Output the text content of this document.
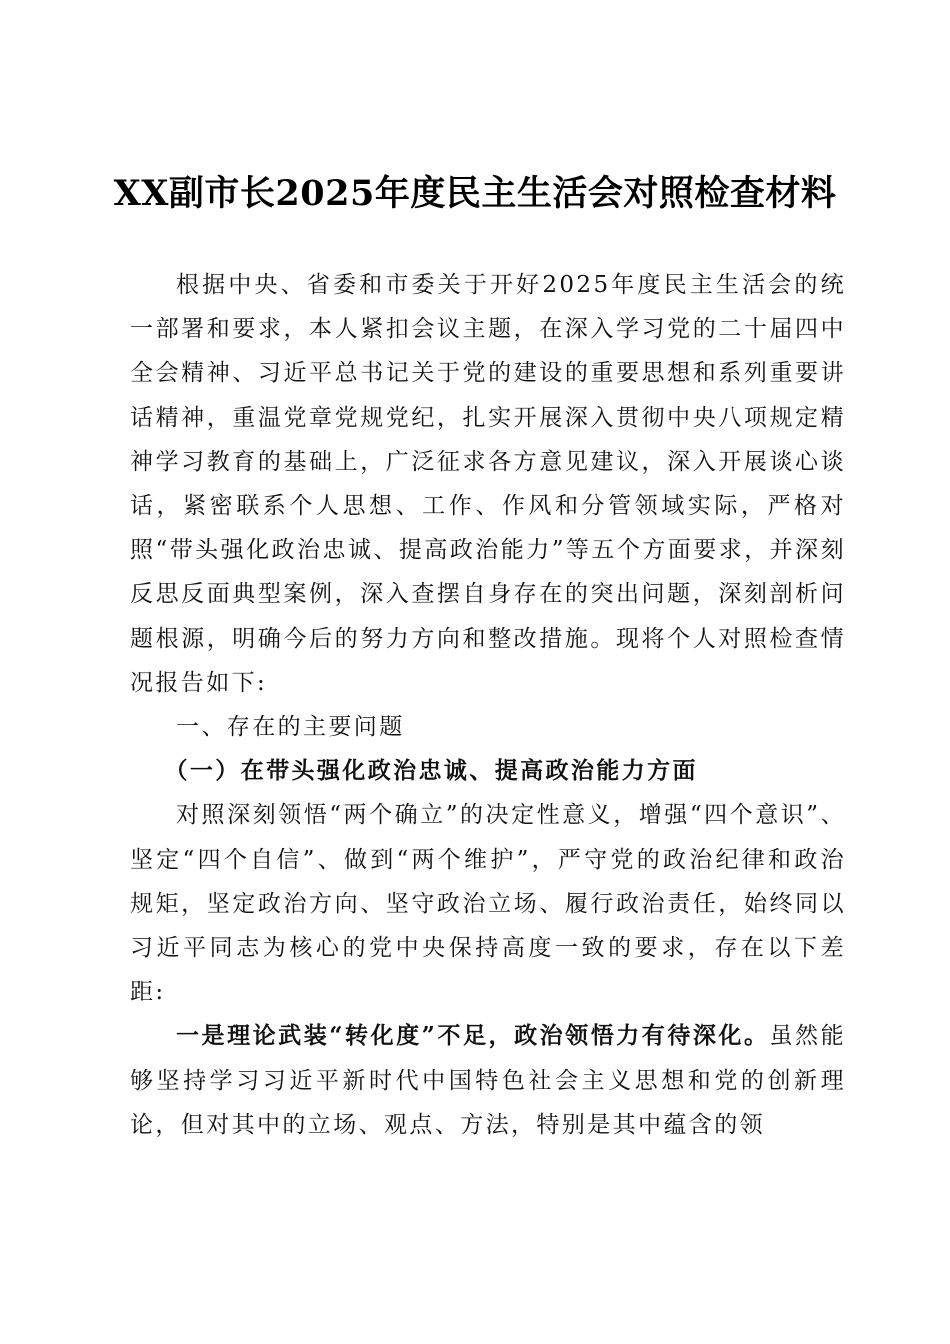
XX副市长2025年度民主生活会对照检查材料

根据中央、省委和市委关于开好2025年度民主生活会的统一部署和要求，本人紧扣会议主题，在深入学习党的二十届四中全会精神、习近平总书记关于党的建设的重要思想和系列重要讲话精神，重温党章党规党纪，扎实开展深入贯彻中央八项规定精神学习教育的基础上，广泛征求各方意见建议，深入开展谈心谈话，紧密联系个人思想、工作、作风和分管领域实际，严格对照“带头强化政治忠诚、提高政治能力”等五个方面要求，并深刻反思反面典型案例，深入查摆自身存在的突出问题，深刻剖析问题根源，明确今后的努力方向和整改措施。现将个人对照检查情况报告如下:

一、存在的主要问题

（一）在带头强化政治忠诚、提高政治能力方面

对照深刻领悟“两个确立”的决定性意义，增强“四个意识”、坚定“四个自信”、做到“两个维护”，严守党的政治纪律和政治规矩，坚定政治方向、坚守政治立场、履行政治责任，始终同以习近平同志为核心的党中央保持高度一致的要求，存在以下差距:

一是理论武装“转化度”不足，政治领悟力有待深化。虽然能够坚持学习习近平新时代中国特色社会主义思想和党的创新理论，但对其中的立场、观点、方法，特别是其中蕴含的领
